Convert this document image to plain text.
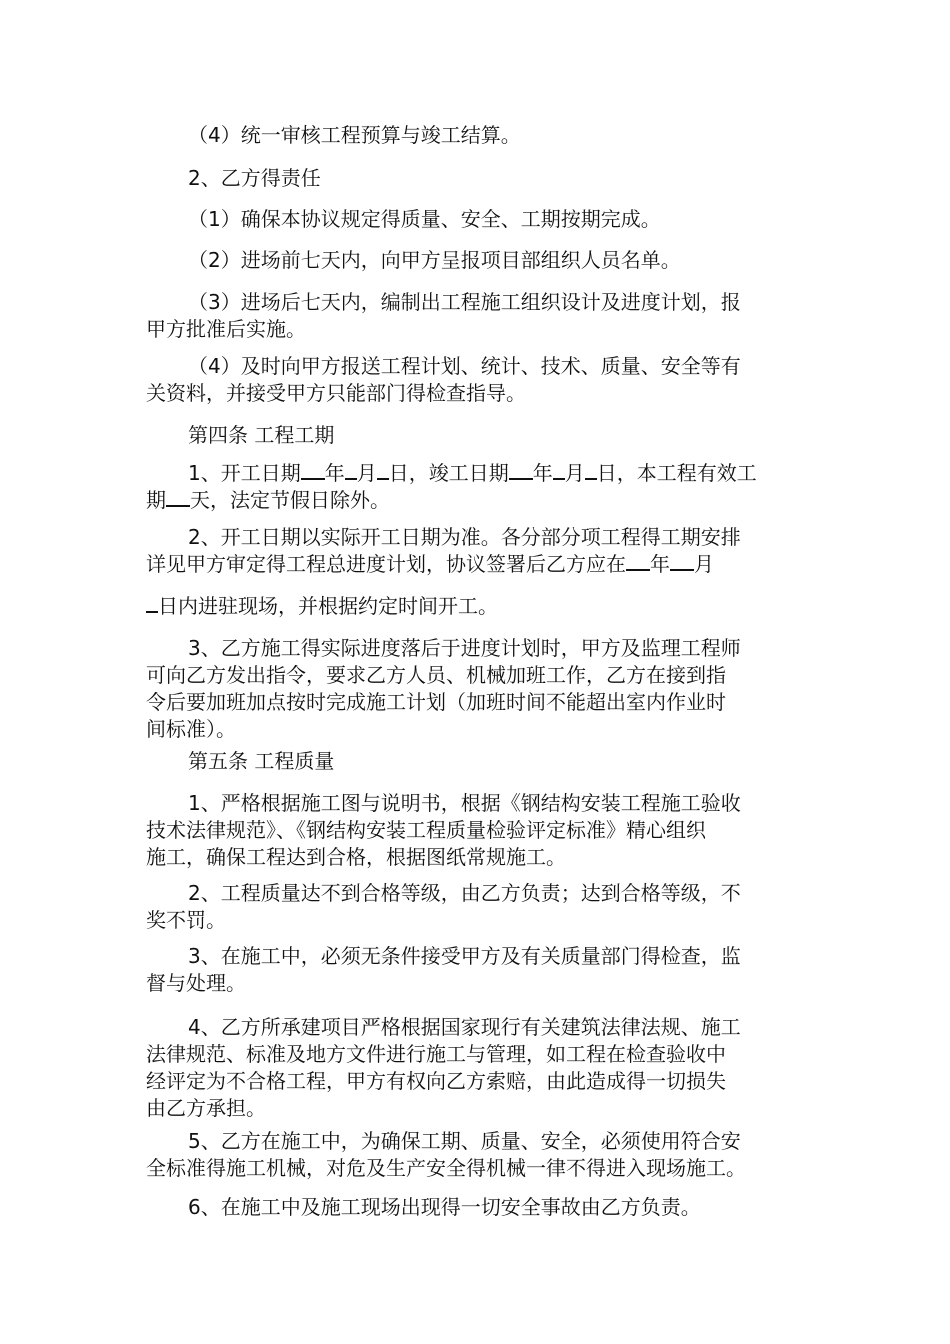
（4）统一审核工程预算与竣工结算。
2、乙方得责任
（1）确保本协议规定得质量、安全、工期按期完成。
（2）进场前七天内，向甲方呈报项目部组织人员名单。
（3）进场后七天内，编制出工程施工组织设计及进度计划，报
甲方批准后实施。
（4）及时向甲方报送工程计划、统计、技术、质量、安全等有
关资料，并接受甲方只能部门得检查指导。
第四条 工程工期
1、开工日期 年 月 日，竣工日期 年 月 日，本工程有效工
期 天，法定节假日除外。
2、开工日期以实际开工日期为准。各分部分项工程得工期安排
详见甲方审定得工程总进度计划，协议签署后乙方应在 年 月
日内进驻现场，并根据约定时间开工。
3、乙方施工得实际进度落后于进度计划时，甲方及监理工程师
可向乙方发出指令，要求乙方人员、机械加班工作，乙方在接到指
令后要加班加点按时完成施工计划（加班时间不能超出室内作业时
间标准）。
第五条 工程质量
1、严格根据施工图与说明书，根据《钢结构安装工程施工验收
技术法律规范》、《钢结构安装工程质量检验评定标准》精心组织
施工，确保工程达到合格，根据图纸常规施工。
2、工程质量达不到合格等级，由乙方负责；达到合格等级，不
奖不罚。
3、在施工中，必须无条件接受甲方及有关质量部门得检查，监
督与处理。
4、乙方所承建项目严格根据国家现行有关建筑法律法规、施工
法律规范、标准及地方文件进行施工与管理，如工程在检查验收中
经评定为不合格工程，甲方有权向乙方索赔，由此造成得一切损失
由乙方承担。
5、乙方在施工中，为确保工期、质量、安全，必须使用符合安
全标准得施工机械，对危及生产安全得机械一律不得进入现场施工。
6、在施工中及施工现场出现得一切安全事故由乙方负责。
